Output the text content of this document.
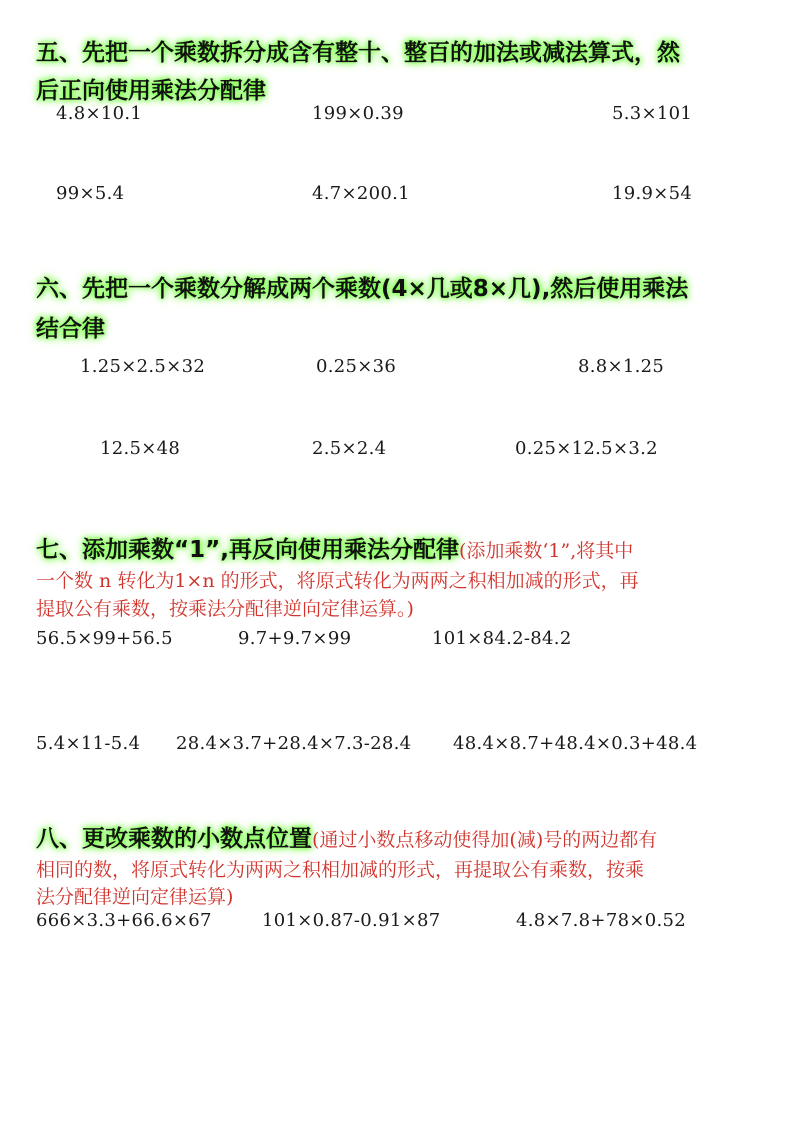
五、先把一个乘数拆分成含有整十、整百的加法或减法算式，然
后正向使用乘法分配律
4.8×10.1	199×0.39	5.3×101
99×5.4	4.7×200.1	19.9×54
六、先把一个乘数分解成两个乘数(4×几或8×几),然后使用乘法
结合律
1.25×2.5×32	0.25×36	8.8×1.25
12.5×48	2.5×2.4	0.25×12.5×3.2
七、添加乘数“1”,再反向使用乘法分配律(添加乘数‘1”,将其中
一个数 n 转化为1×n 的形式，将原式转化为两两之积相加减的形式，再
提取公有乘数，按乘法分配律逆向定律运算。)
56.5×99+56.5	9.7+9.7×99	101×84.2-84.2
5.4×11-5.4 28.4×3.7+28.4×7.3-28.4 48.4×8.7+48.4×0.3+48.4
八、更改乘数的小数点位置(通过小数点移动使得加(减)号的两边都有
相同的数，将原式转化为两两之积相加减的形式，再提取公有乘数，按乘
法分配律逆向定律运算)
666×3.3+66.6×67	101×0.87-0.91×87	4.8×7.8+78×0.52
